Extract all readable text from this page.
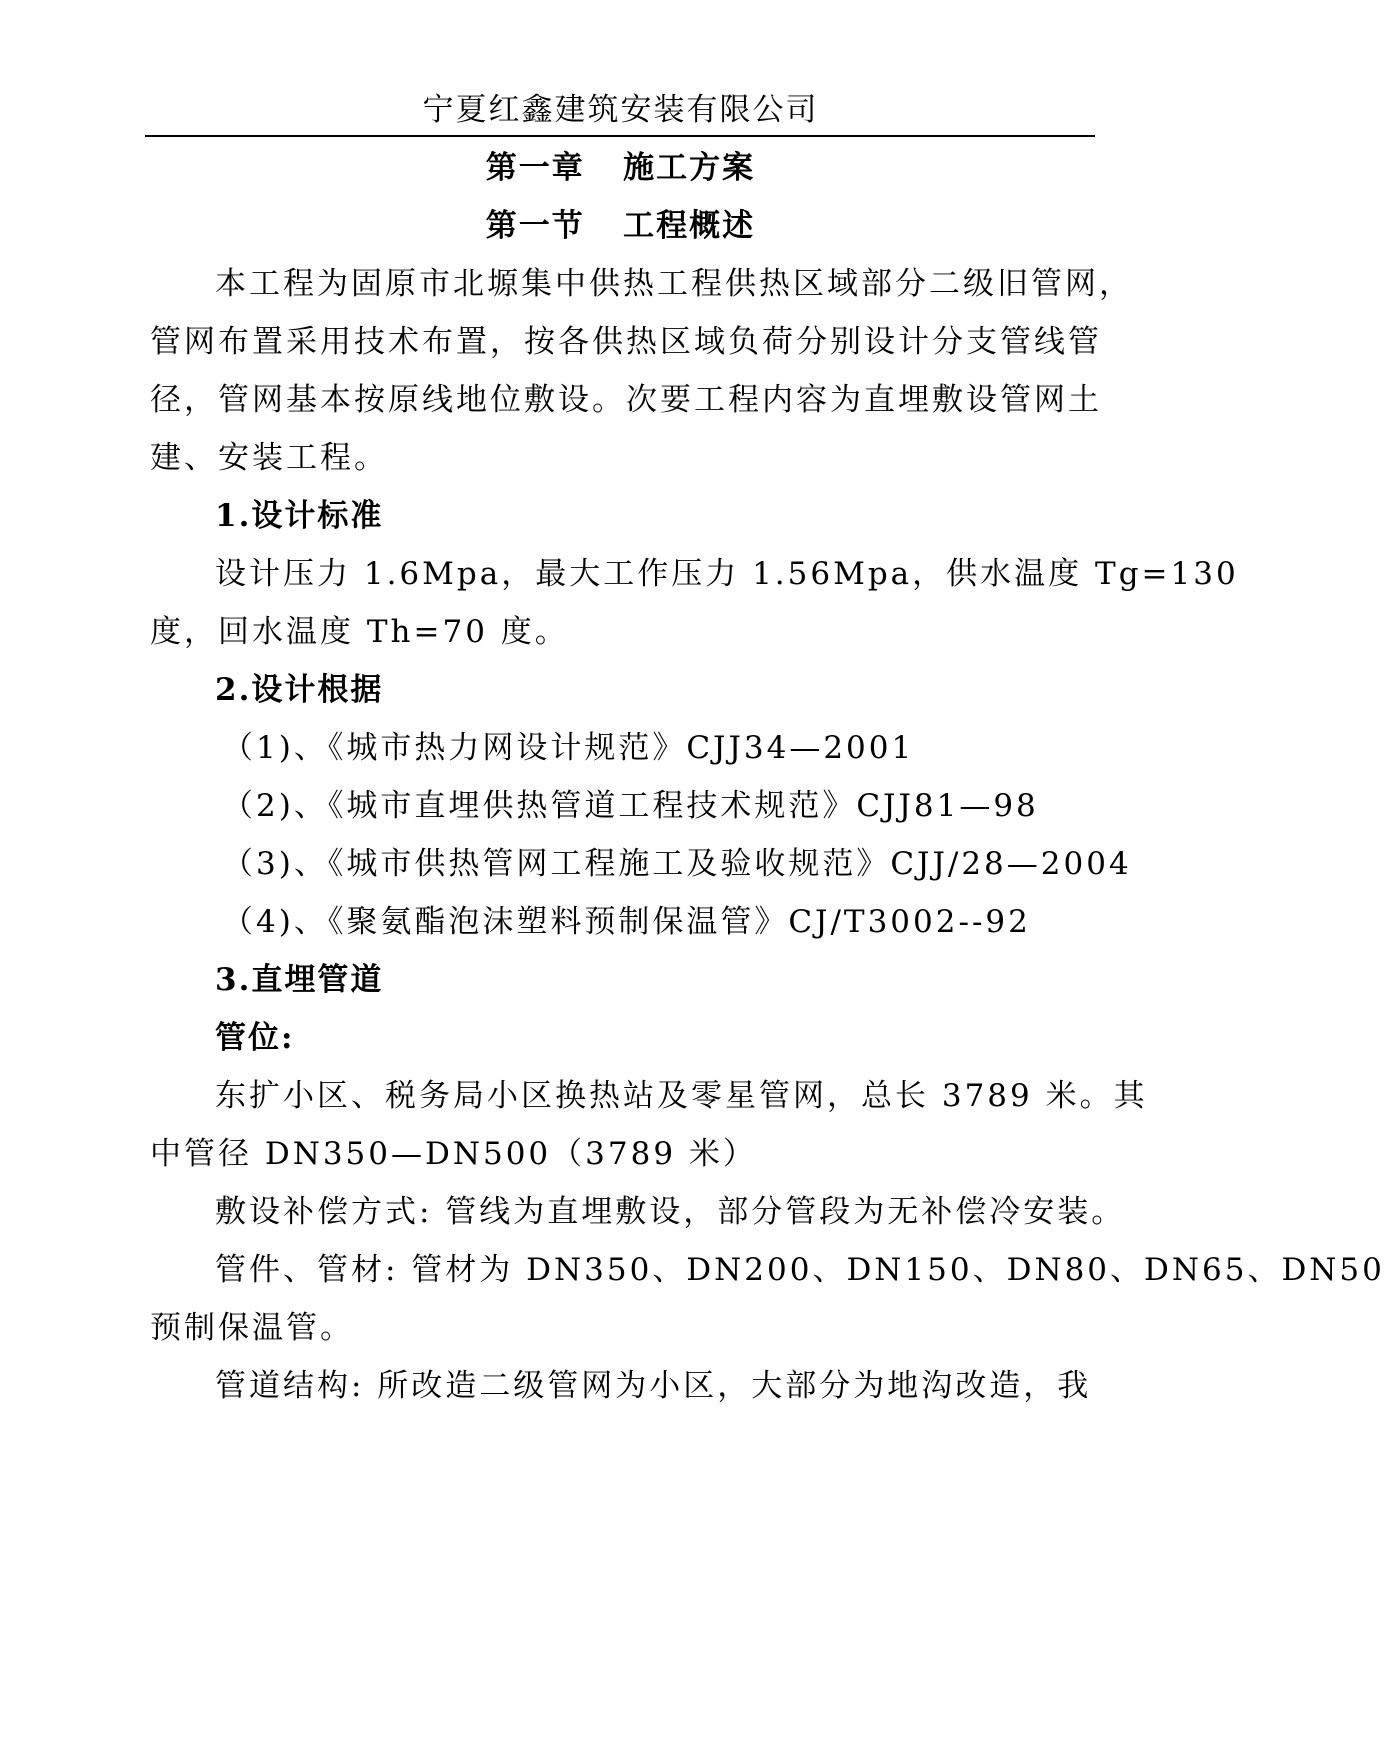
宁夏红鑫建筑安装有限公司
第一章   施工方案
第一节   工程概述
本工程为固原市北塬集中供热工程供热区域部分二级旧管网，
管网布置采用技术布置，按各供热区域负荷分别设计分支管线管
径，管网基本按原线地位敷设。次要工程内容为直埋敷设管网土
建、安装工程。
1.设计标准
设计压力 1.6Mpa，最大工作压力 1.56Mpa，供水温度 Tg=130
度，回水温度 Th=70 度。
2.设计根据
（1)、《城市热力网设计规范》CJJ34—2001
（2)、《城市直埋供热管道工程技术规范》CJJ81—98
（3)、《城市供热管网工程施工及验收规范》CJJ/28—2004
（4)、《聚氨酯泡沫塑料预制保温管》CJ/T3002--92
3.直埋管道
管位:
东扩小区、税务局小区换热站及零星管网，总长 3789 米。其
中管径 DN350—DN500（3789 米）
敷设补偿方式: 管线为直埋敷设，部分管段为无补偿冷安装。
管件、管材: 管材为 DN350、DN200、DN150、DN80、DN65、DN50
预制保温管。
管道结构: 所改造二级管网为小区，大部分为地沟改造，我
